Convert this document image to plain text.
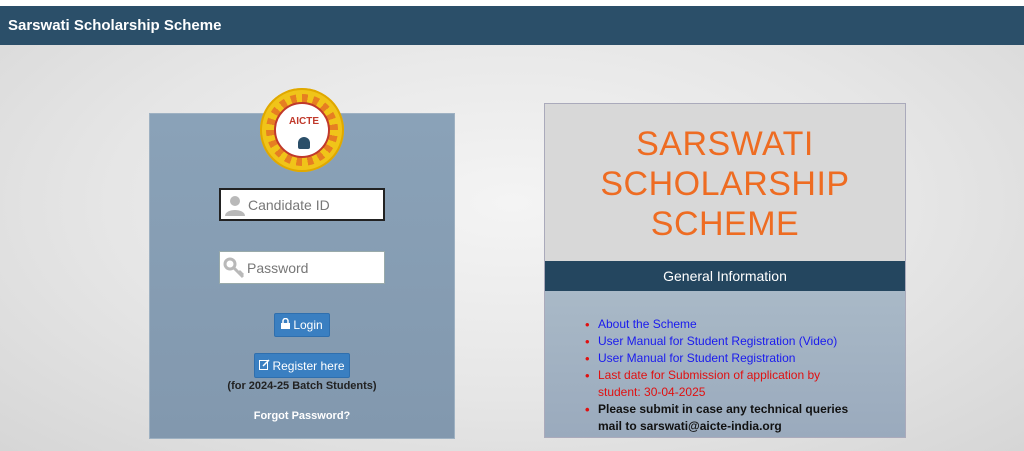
Sarswati Scholarship Scheme
AICTE
Candidate ID
Login
Register here
(for 2024-25 Batch Students)
Forgot Password?
SARSWATI
SCHOLARSHIP
SCHEME
General Information
• About the Scheme
• User Manual for Student Registration (Video)
• User Manual for Student Registration
• Last date for Submission of application by student: 30-04-2025
• Please submit in case any technical queries mail to sarswati@aicte-india.org
